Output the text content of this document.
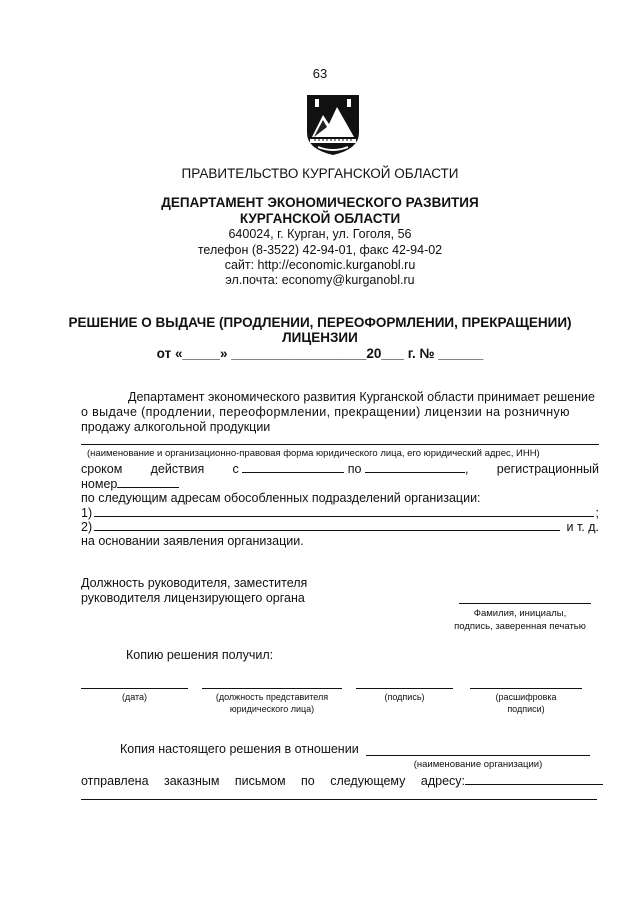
63
ПРАВИТЕЛЬСТВО КУРГАНСКОЙ ОБЛАСТИ
ДЕПАРТАМЕНТ ЭКОНОМИЧЕСКОГО РАЗВИТИЯ
КУРГАНСКОЙ ОБЛАСТИ
640024, г. Курган, ул. Гоголя, 56
телефон (8-3522) 42-94-01, факс 42-94-02
сайт: http://economic.kurganobl.ru
эл.почта: economy@kurganobl.ru
РЕШЕНИЕ О ВЫДАЧЕ (ПРОДЛЕНИИ, ПЕРЕОФОРМЛЕНИИ, ПРЕКРАЩЕНИИ)
ЛИЦЕНЗИИ
от «_____» __________________20___ г. № ______
Департамент экономического развития Курганской области принимает решение
о выдаче (продлении, переоформлении, прекращении) лицензии на розничную
продажу алкогольной продукции
(наименование и организационно-правовая форма юридического лица, его юридический адрес, ИНН)
сроком действия с	по	, регистрационный
номер
по следующим адресам обособленных подразделений организации:
1)	;
2)	и т. д.
на основании заявления организации.
Должность руководителя, заместителя
руководителя лицензирующего органа
Фамилия, инициалы,
подпись, заверенная печатью
Копию решения получил:
(дата)	(должность представителя
юридического лица)
(подпись)	(расшифровка
подписи)
Копия настоящего решения в отношении
(наименование организации)
отправлена заказным письмом по следующему адресу:
